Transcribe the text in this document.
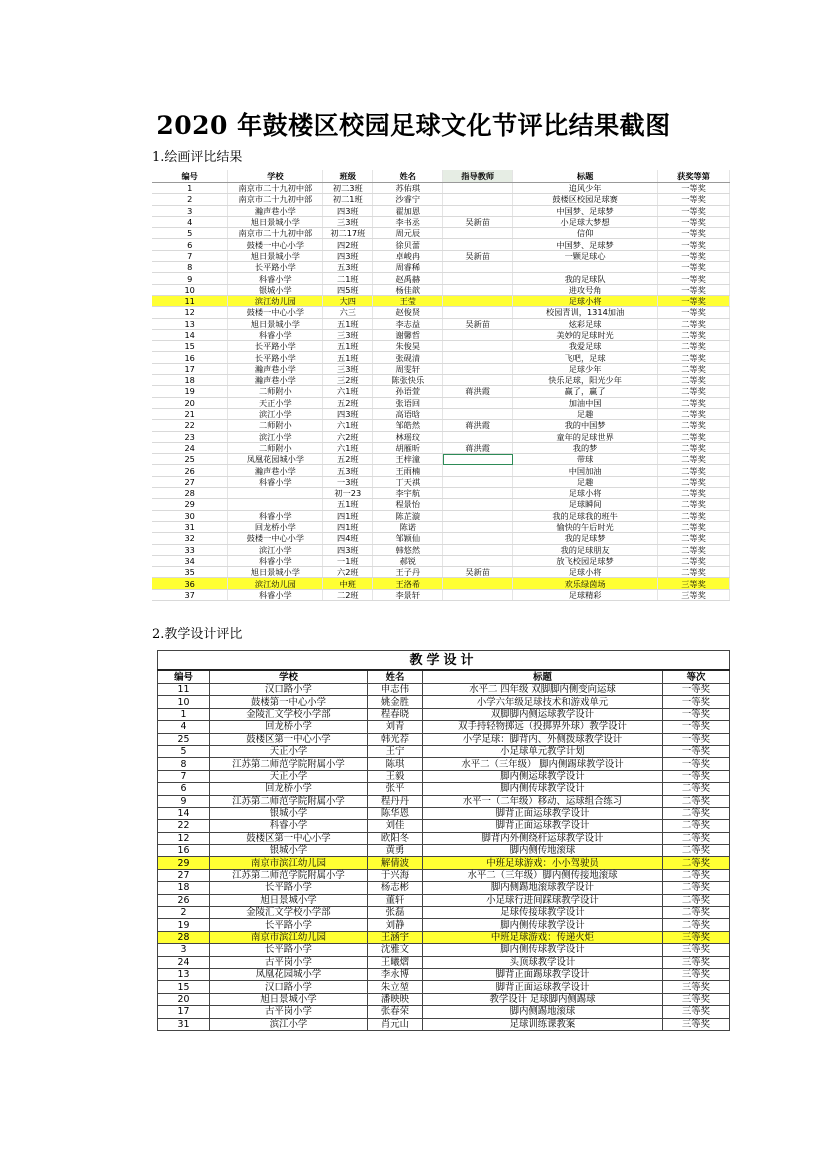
2020 年鼓楼区校园足球文化节评比结果截图
1.绘画评比结果
编号	学校	班级	姓名	指导教师	标题	获奖等第
1	南京市二十九初中部	初二3班	苏佑琪		追风少年	一等奖
2	南京市二十九初中部	初二1班	沙睿宁		鼓楼区校园足球赛	一等奖
3	瀚声巷小学	四3班	翟加恩		中国梦、足球梦	一等奖
4	旭日景城小学	三3班	李书丞	吴新苗	小足球大梦想	一等奖
5	南京市二十九初中部	初二17班	周元辰		信仰	一等奖
6	鼓楼一中心小学	四2班	徐贝蕾		中国梦、足球梦	一等奖
7	旭日景城小学	四3班	卓峻冉	吴新苗	一颗足球心	一等奖
8	长平路小学	五3班	周睿稀			一等奖
9	科睿小学	二1班	赵禹赫		我的足球队	一等奖
10	银城小学	四5班	杨佳歆		进攻号角	一等奖
11	滨江幼儿园	大四	王莹		足球小将	一等奖
12	鼓楼一中心小学	六三	赵俊贤		校园青训，1314加油	一等奖
13	旭日景城小学	五1班	李志益	吴新苗	炫彩足球	二等奖
14	科睿小学	三3班	谢馨哲		美妙的足球时光	二等奖
15	长平路小学	五1班	朱俊昊		我爱足球	二等奖
16	长平路小学	五1班	张砚清		飞吧，足球	二等奖
17	瀚声巷小学	三3班	周雯轩		足球少年	二等奖
18	瀚声巷小学	三2班	陈张快乐		快乐足球，阳光少年	二等奖
19	二师附小	六1班	孙语萱	蒋洪霞	赢了，赢了	二等奖
20	天正小学	五2班	张语回		加油中国	二等奖
21	滨江小学	四3班	高语晗		足趣	二等奖
22	二师附小	六1班	邹皓然	蒋洪霞	我的中国梦	二等奖
23	滨江小学	六2班	林瑶玟		童年的足球世界	二等奖
24	二师附小	六1班	胡雁昕	蒋洪霞	我的梦	二等奖
25	凤凰花园城小学	五2班	王梓潼		带球	二等奖
26	瀚声巷小学	五3班	王雨楠		中国加油	二等奖
27	科睿小学	一3班	丁天祺		足趣	二等奖
28		初一23	李宇航		足球小将	二等奖
29		五1班	程景怡		足球瞬间	二等奖
30	科睿小学	四1班	陈芷漩		我的足球我的班牛	二等奖
31	回龙桥小学	四1班	陈诺		愉快的午后时光	二等奖
32	鼓楼一中心小学	四4班	邹颖仙		我的足球梦	二等奖
33	滨江小学	四3班	韩悠然		我的足球朋友	二等奖
34	科睿小学	一1班	郝锐		放飞校园足球梦	二等奖
35	旭日景城小学	六2班	王子丹	吴新苗	足球小将	二等奖
36	滨江幼儿园	中班	王洛希		欢乐绿茵场	三等奖
37	科睿小学	二2班	李景轩		足球精彩	三等奖
2.教学设计评比
教学设计				
编号	学校	姓名	标题	等次
11	汉口路小学	申志伟	水平二 四年级 双脚脚内侧变向运球	一等奖
10	鼓楼第一中心小学	姚金胜	小学六年级足球技术和游戏单元	一等奖
1	金陵汇文学校小学部	程春晓	双脚脚内侧运球教学设计	一等奖
4	回龙桥小学	刘青	双手持轻物掷远（投掷界外球）教学设计	一等奖
25	鼓楼区第一中心小学	韩光荐	小学足球：脚背内、外侧拨球教学设计	一等奖
5	天正小学	王宁	小足球单元教学计划	一等奖
8	江苏第二师范学院附属小学	陈琪	水平二（三年级） 脚内侧踢球教学设计	一等奖
7	天正小学	王毅	脚内侧运球教学设计	一等奖
6	回龙桥小学	张平	脚内侧传球教学设计	二等奖
9	江苏第二师范学院附属小学	程丹丹	水平一（二年级）移动、运球组合练习	二等奖
14	银城小学	陈华恩	脚背正面运球教学设计	二等奖
22	科睿小学	刘佳	脚背正面运球教学设计	二等奖
12	鼓楼区第一中心小学	欧阳冬	脚背内外侧绕杆运球教学设计	二等奖
16	银城小学	黄勇	脚内侧传地滚球	二等奖
29	南京市滨江幼儿园	解倩波	中班足球游戏：小小驾驶员	二等奖
27	江苏第二师范学院附属小学	于兴海	水平二（三年级）脚内侧传接地滚球	二等奖
18	长平路小学	杨志彬	脚内侧踢地滚球教学设计	二等奖
26	旭日景城小学	董轩	小足球行进间踩球教学设计	二等奖
2	金陵汇文学校小学部	张磊	足球传接球教学设计	二等奖
19	长平路小学	刘静	脚内侧传球教学设计	二等奖
28	南京市滨江幼儿园	王涵宇	中班足球游戏：传递火炬	三等奖
3	长平路小学	沈雅文	脚内侧传球教学设计	三等奖
24	古平岗小学	王曦熠	头顶球教学设计	三等奖
13	凤凰花园城小学	李永博	脚背正面踢球教学设计	三等奖
15	汉口路小学	朱立堃	脚背正面运球教学设计	三等奖
20	旭日景城小学	潘映映	教学设计 足球脚内侧踢球	三等奖
17	古平岗小学	张春荣	脚内侧踢地滚球	三等奖
31	滨江小学	肖元山	足球训练课教案	三等奖
